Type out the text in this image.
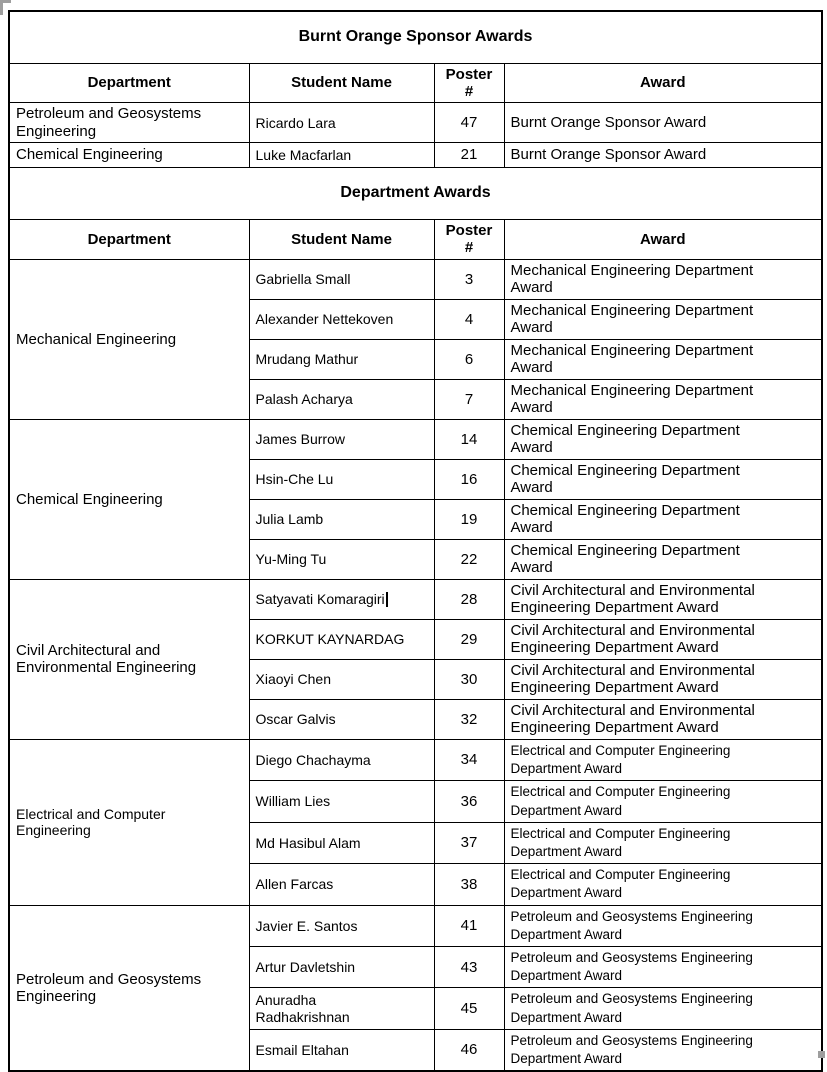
Burnt Orange Sponsor Awards			
Department	Student Name	Poster #	Award
Petroleum and Geosystems Engineering	Ricardo Lara	47	Burnt Orange Sponsor Award
Chemical Engineering	Luke Macfarlan	21	Burnt Orange Sponsor Award
Department Awards			
Department	Student Name	Poster #	Award
Mechanical Engineering	Gabriella Small	3	Mechanical Engineering Department Award
	Alexander Nettekoven	4	Mechanical Engineering Department Award
	Mrudang Mathur	6	Mechanical Engineering Department Award
	Palash Acharya	7	Mechanical Engineering Department Award
Chemical Engineering	James Burrow	14	Chemical Engineering Department Award
	Hsin-Che Lu	16	Chemical Engineering Department Award
	Julia Lamb	19	Chemical Engineering Department Award
	Yu-Ming Tu	22	Chemical Engineering Department Award
Civil Architectural and Environmental Engineering	Satyavati Komaragiri	28	Civil Architectural and Environmental Engineering Department Award
	KORKUT KAYNARDAG	29	Civil Architectural and Environmental Engineering Department Award
	Xiaoyi Chen	30	Civil Architectural and Environmental Engineering Department Award
	Oscar Galvis	32	Civil Architectural and Environmental Engineering Department Award
Electrical and Computer Engineering	Diego Chachayma	34	Electrical and Computer Engineering Department Award
	William Lies	36	Electrical and Computer Engineering Department Award
	Md Hasibul Alam	37	Electrical and Computer Engineering Department Award
	Allen Farcas	38	Electrical and Computer Engineering Department Award
Petroleum and Geosystems Engineering	Javier E. Santos	41	Petroleum and Geosystems Engineering Department Award
	Artur Davletshin	43	Petroleum and Geosystems Engineering Department Award
	Anuradha Radhakrishnan	45	Petroleum and Geosystems Engineering Department Award
	Esmail Eltahan	46	Petroleum and Geosystems Engineering Department Award
